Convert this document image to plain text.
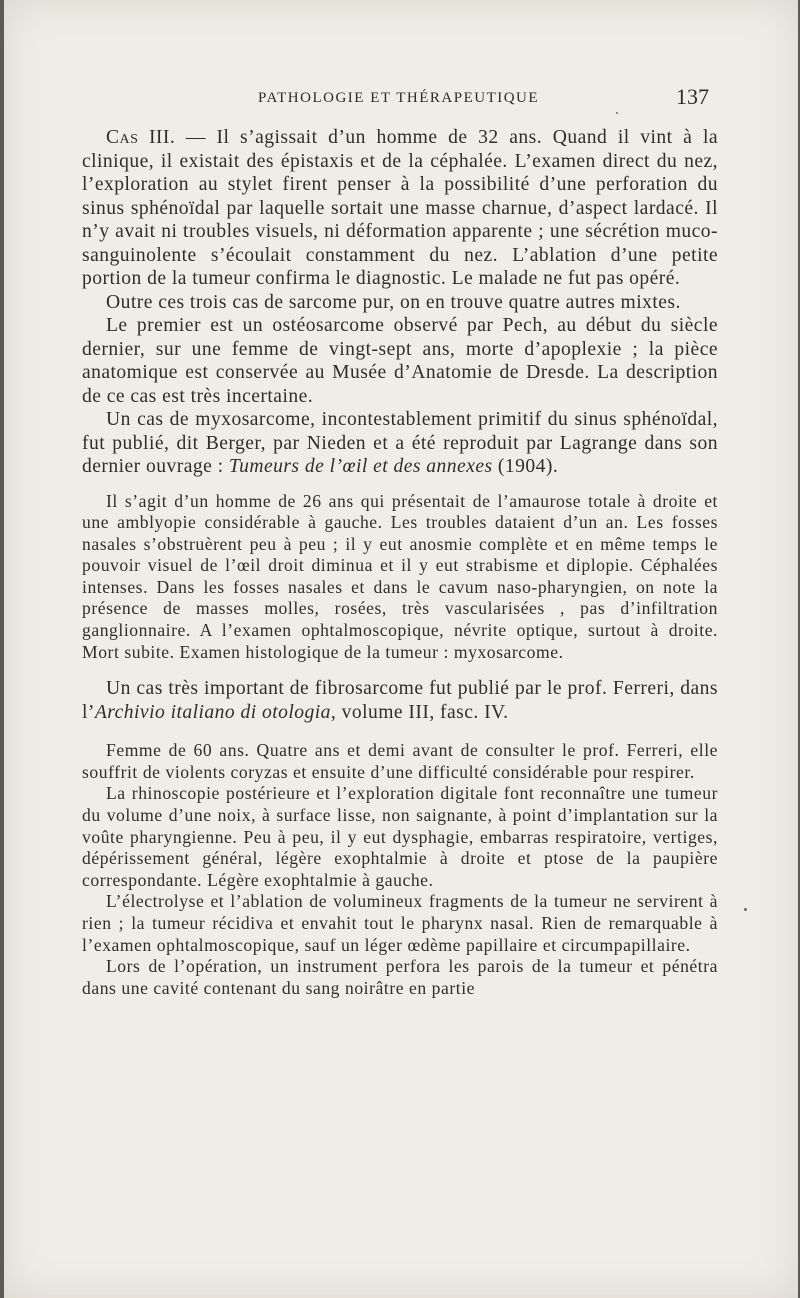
PATHOLOGIE ET THÉRAPEUTIQUE	137

Cas III. — Il s’agissait d’un homme de 32 ans. Quand il vint à la clinique, il existait des épistaxis et de la céphalée. L’examen direct du nez, l’exploration au stylet firent penser à la possibilité d’une perforation du sinus sphénoïdal par laquelle sortait une masse charnue, d’aspect lardacé. Il n’y avait ni troubles visuels, ni déformation apparente ; une sécrétion muco-sanguinolente s’écoulait constamment du nez. L’ablation d’une petite portion de la tumeur confirma le diagnostic. Le malade ne fut pas opéré.

Outre ces trois cas de sarcome pur, on en trouve quatre autres mixtes.

Le premier est un ostéosarcome observé par Pech, au début du siècle dernier, sur une femme de vingt-sept ans, morte d’apoplexie ; la pièce anatomique est conservée au Musée d’Anatomie de Dresde. La description de ce cas est très incertaine.

Un cas de myxosarcome, incontestablement primitif du sinus sphénoïdal, fut publié, dit Berger, par Nieden et a été reproduit par Lagrange dans son dernier ouvrage : Tumeurs de l’œil et des annexes (1904).

Il s’agit d’un homme de 26 ans qui présentait de l’amaurose totale à droite et une amblyopie considérable à gauche. Les troubles dataient d’un an. Les fosses nasales s’obstruèrent peu à peu ; il y eut anosmie complète et en même temps le pouvoir visuel de l’œil droit diminua et il y eut strabisme et diplopie. Céphalées intenses. Dans les fosses nasales et dans le cavum naso-pharyngien, on note la présence de masses molles, rosées, très vascularisées , pas d’infiltration ganglionnaire. A l’examen ophtalmoscopique, névrite optique, surtout à droite. Mort subite. Examen histologique de la tumeur : myxosarcome.

Un cas très important de fibrosarcome fut publié par le prof. Ferreri, dans l’Archivio italiano di otologia, volume III, fasc. IV.

Femme de 60 ans. Quatre ans et demi avant de consulter le prof. Ferreri, elle souffrit de violents coryzas et ensuite d’une difficulté considérable pour respirer.

La rhinoscopie postérieure et l’exploration digitale font reconnaître une tumeur du volume d’une noix, à surface lisse, non saignante, à point d’implantation sur la voûte pharyngienne. Peu à peu, il y eut dysphagie, embarras respiratoire, vertiges, dépérissement général, légère exophtalmie à droite et ptose de la paupière correspondante. Légère exophtalmie à gauche.

L’électrolyse et l’ablation de volumineux fragments de la tumeur ne servirent à rien ; la tumeur récidiva et envahit tout le pharynx nasal. Rien de remarquable à l’examen ophtalmoscopique, sauf un léger œdème papillaire et circumpapillaire.

Lors de l’opération, un instrument perfora les parois de la tumeur et pénétra dans une cavité contenant du sang noirâtre en partie
